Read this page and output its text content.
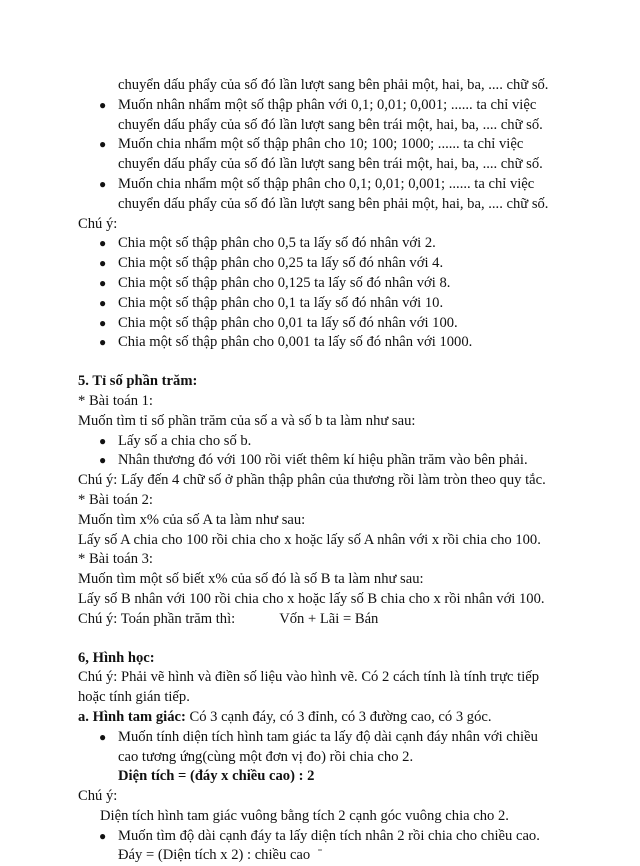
chuyển dấu phẩy của số đó lần lượt sang bên phải một, hai, ba, .... chữ số.
● Muốn nhân nhẩm một số thập phân với 0,1; 0,01; 0,001; ...... ta chỉ việc
chuyển dấu phẩy của số đó lần lượt sang bên trái một, hai, ba, .... chữ số.
● Muốn chia nhẩm một số thập phân cho 10; 100; 1000; ...... ta chỉ việc
chuyển dấu phẩy của số đó lần lượt sang bên trái một, hai, ba, .... chữ số.
● Muốn chia nhẩm một số thập phân cho 0,1; 0,01; 0,001; ...... ta chỉ việc
chuyển dấu phẩy của số đó lần lượt sang bên phải một, hai, ba, .... chữ số.
Chú ý:
● Chia một số thập phân cho 0,5 ta lấy số đó nhân với 2.
● Chia một số thập phân cho 0,25 ta lấy số đó nhân với 4.
● Chia một số thập phân cho 0,125 ta lấy số đó nhân với 8.
● Chia một số thập phân cho 0,1 ta lấy số đó nhân với 10.
● Chia một số thập phân cho 0,01 ta lấy số đó nhân với 100.
● Chia một số thập phân cho 0,001 ta lấy số đó nhân với 1000.
5. Tỉ số phần trăm:
* Bài toán 1:
Muốn tìm tỉ số phần trăm của số a và số b ta làm như sau:
● Lấy số a chia cho số b.
● Nhân thương đó với 100 rồi viết thêm kí hiệu phần trăm vào bên phải.
Chú ý: Lấy đến 4 chữ số ở phần thập phân của thương rồi làm tròn theo quy tắc.
* Bài toán 2:
Muốn tìm x% của số A ta làm như sau:
Lấy số A chia cho 100 rồi chia cho x hoặc lấy số A nhân với x rồi chia cho 100.
* Bài toán 3:
Muốn tìm một số biết x% của số đó là số B ta làm như sau:
Lấy số B nhân với 100 rồi chia cho x hoặc lấy số B chia cho x rồi nhân với 100.
Chú ý: Toán phần trăm thì:	Vốn + Lãi = Bán
6, Hình học:
Chú ý: Phải vẽ hình và điền số liệu vào hình vẽ. Có 2 cách tính là tính trực tiếp
hoặc tính gián tiếp.
a. Hình tam giác: Có 3 cạnh đáy, có 3 đỉnh, có 3 đường cao, có 3 góc.
● Muốn tính diện tích hình tam giác ta lấy độ dài cạnh đáy nhân với chiều
cao tương ứng(cùng một đơn vị đo) rồi chia cho 2.
Diện tích = (đáy x chiều cao) : 2
Chú ý:
Diện tích hình tam giác vuông bằng tích 2 cạnh góc vuông chia cho 2.
● Muốn tìm độ dài cạnh đáy ta lấy diện tích nhân 2 rồi chia cho chiều cao.
Đáy = (Diện tích x 2) : chiều cao
